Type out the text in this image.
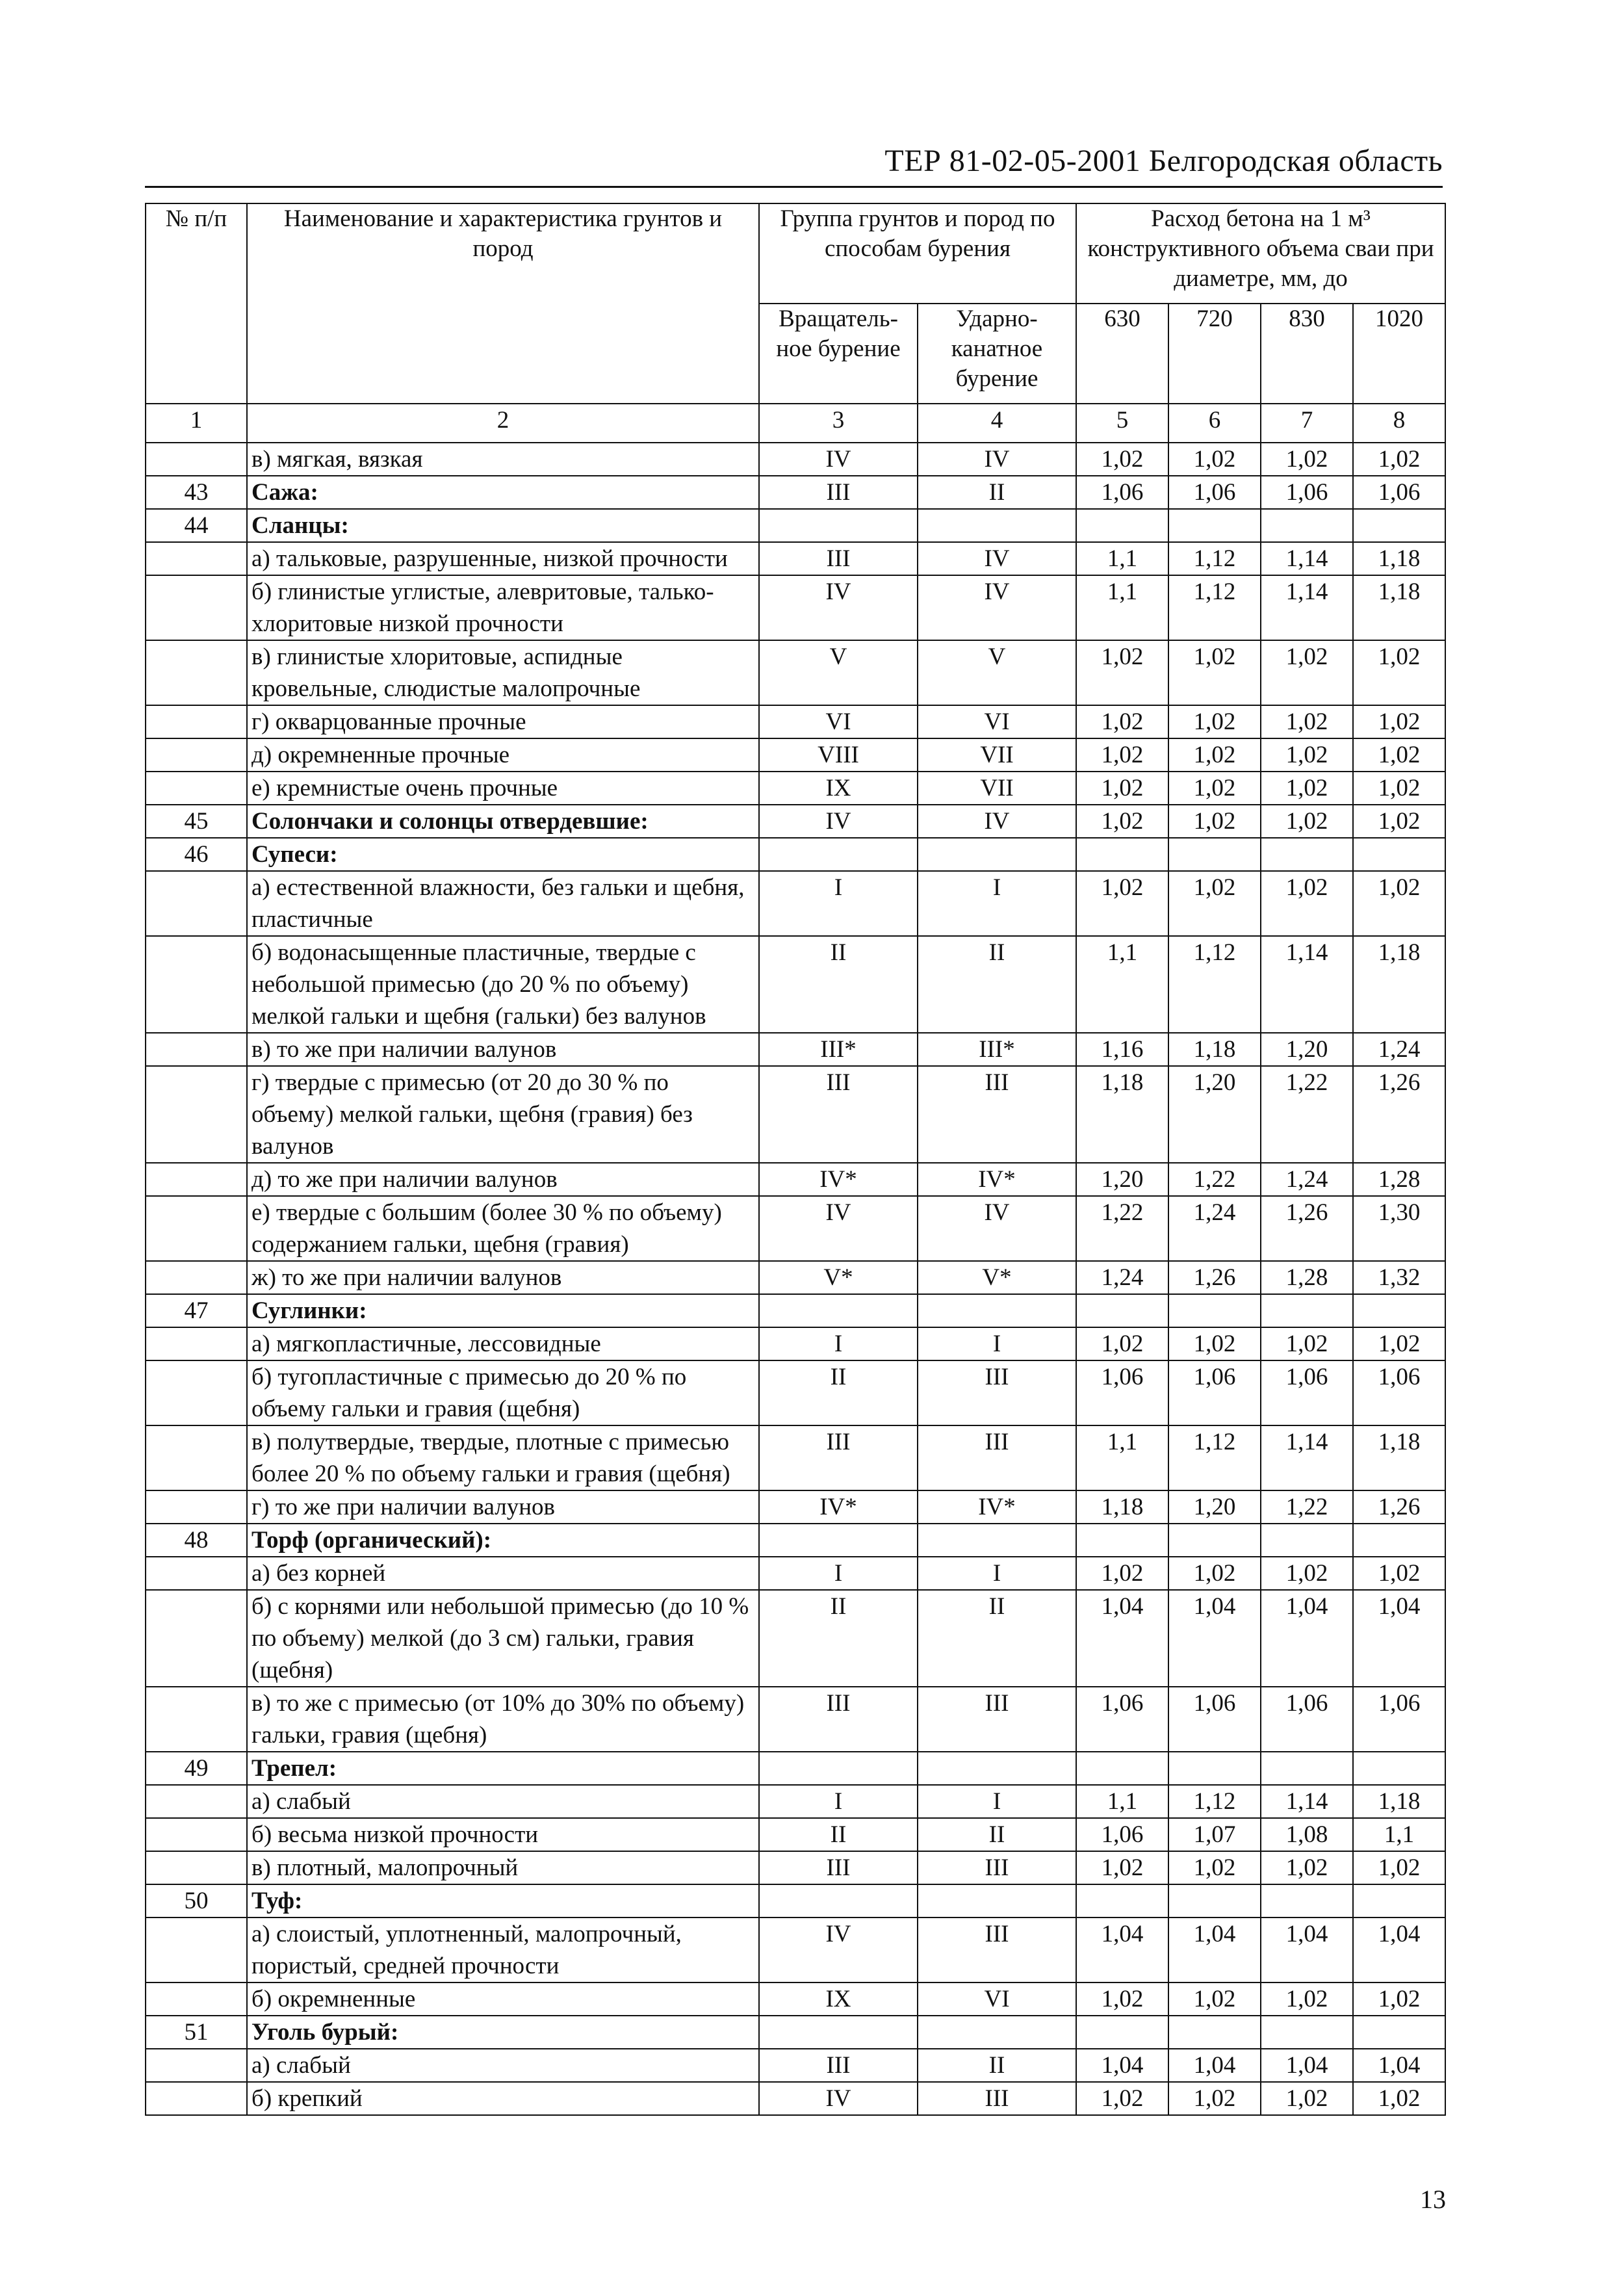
ТЕР 81-02-05-2001 Белгородская область
№ п/п	Наименование и характеристика грунтов и пород	Группа грунтов и пород по способам бурения		Расход бетона на 1 м³ конструктивного объема сваи при диаметре, мм, до			
		Вращатель-ное бурение	Ударно-канатное бурение	630	720	830	1020
1	2	3	4	5	6	7	8
	в) мягкая, вязкая	IV	IV	1,02	1,02	1,02	1,02
43	Сажа:	III	II	1,06	1,06	1,06	1,06
44	Сланцы:						
	а) тальковые, разрушенные, низкой прочности	III	IV	1,1	1,12	1,14	1,18
	б) глинистые углистые, алевритовые, талько-хлоритовые низкой прочности	IV	IV	1,1	1,12	1,14	1,18
	в) глинистые хлоритовые, аспидные кровельные, слюдистые малопрочные	V	V	1,02	1,02	1,02	1,02
	г) окварцованные прочные	VI	VI	1,02	1,02	1,02	1,02
	д) окремненные прочные	VIII	VII	1,02	1,02	1,02	1,02
	е) кремнистые очень прочные	IX	VII	1,02	1,02	1,02	1,02
45	Солончаки и солонцы отвердевшие:	IV	IV	1,02	1,02	1,02	1,02
46	Супеси:						
	а) естественной влажности, без гальки и щебня, пластичные	I	I	1,02	1,02	1,02	1,02
	б) водонасыщенные пластичные, твердые с небольшой примесью (до 20 % по объему) мелкой гальки и щебня (гальки) без валунов	II	II	1,1	1,12	1,14	1,18
	в) то же при наличии валунов	III*	III*	1,16	1,18	1,20	1,24
	г) твердые с примесью (от 20 до 30 % по объему) мелкой гальки, щебня (гравия) без валунов	III	III	1,18	1,20	1,22	1,26
	д) то же при наличии валунов	IV*	IV*	1,20	1,22	1,24	1,28
	е) твердые с большим (более 30 % по объему) содержанием гальки, щебня (гравия)	IV	IV	1,22	1,24	1,26	1,30
	ж) то же при наличии валунов	V*	V*	1,24	1,26	1,28	1,32
47	Суглинки:						
	а) мягкопластичные, лессовидные	I	I	1,02	1,02	1,02	1,02
	б) тугопластичные с примесью до 20 % по объему гальки и гравия (щебня)	II	III	1,06	1,06	1,06	1,06
	в) полутвердые, твердые, плотные с примесью более 20 % по объему гальки и гравия (щебня)	III	III	1,1	1,12	1,14	1,18
	г) то же при наличии валунов	IV*	IV*	1,18	1,20	1,22	1,26
48	Торф (органический):						
	а) без корней	I	I	1,02	1,02	1,02	1,02
	б) с корнями или небольшой примесью (до 10 % по объему) мелкой (до 3 см) гальки, гравия (щебня)	II	II	1,04	1,04	1,04	1,04
	в) то же с примесью (от 10% до 30% по объему) гальки, гравия (щебня)	III	III	1,06	1,06	1,06	1,06
49	Трепел:						
	а) слабый	I	I	1,1	1,12	1,14	1,18
	б) весьма низкой прочности	II	II	1,06	1,07	1,08	1,1
	в) плотный, малопрочный	III	III	1,02	1,02	1,02	1,02
50	Туф:						
	а) слоистый, уплотненный, малопрочный, пористый, средней прочности	IV	III	1,04	1,04	1,04	1,04
	б) окремненные	IX	VI	1,02	1,02	1,02	1,02
51	Уголь бурый:						
	а) слабый	III	II	1,04	1,04	1,04	1,04
	б) крепкий	IV	III	1,02	1,02	1,02	1,02
13
